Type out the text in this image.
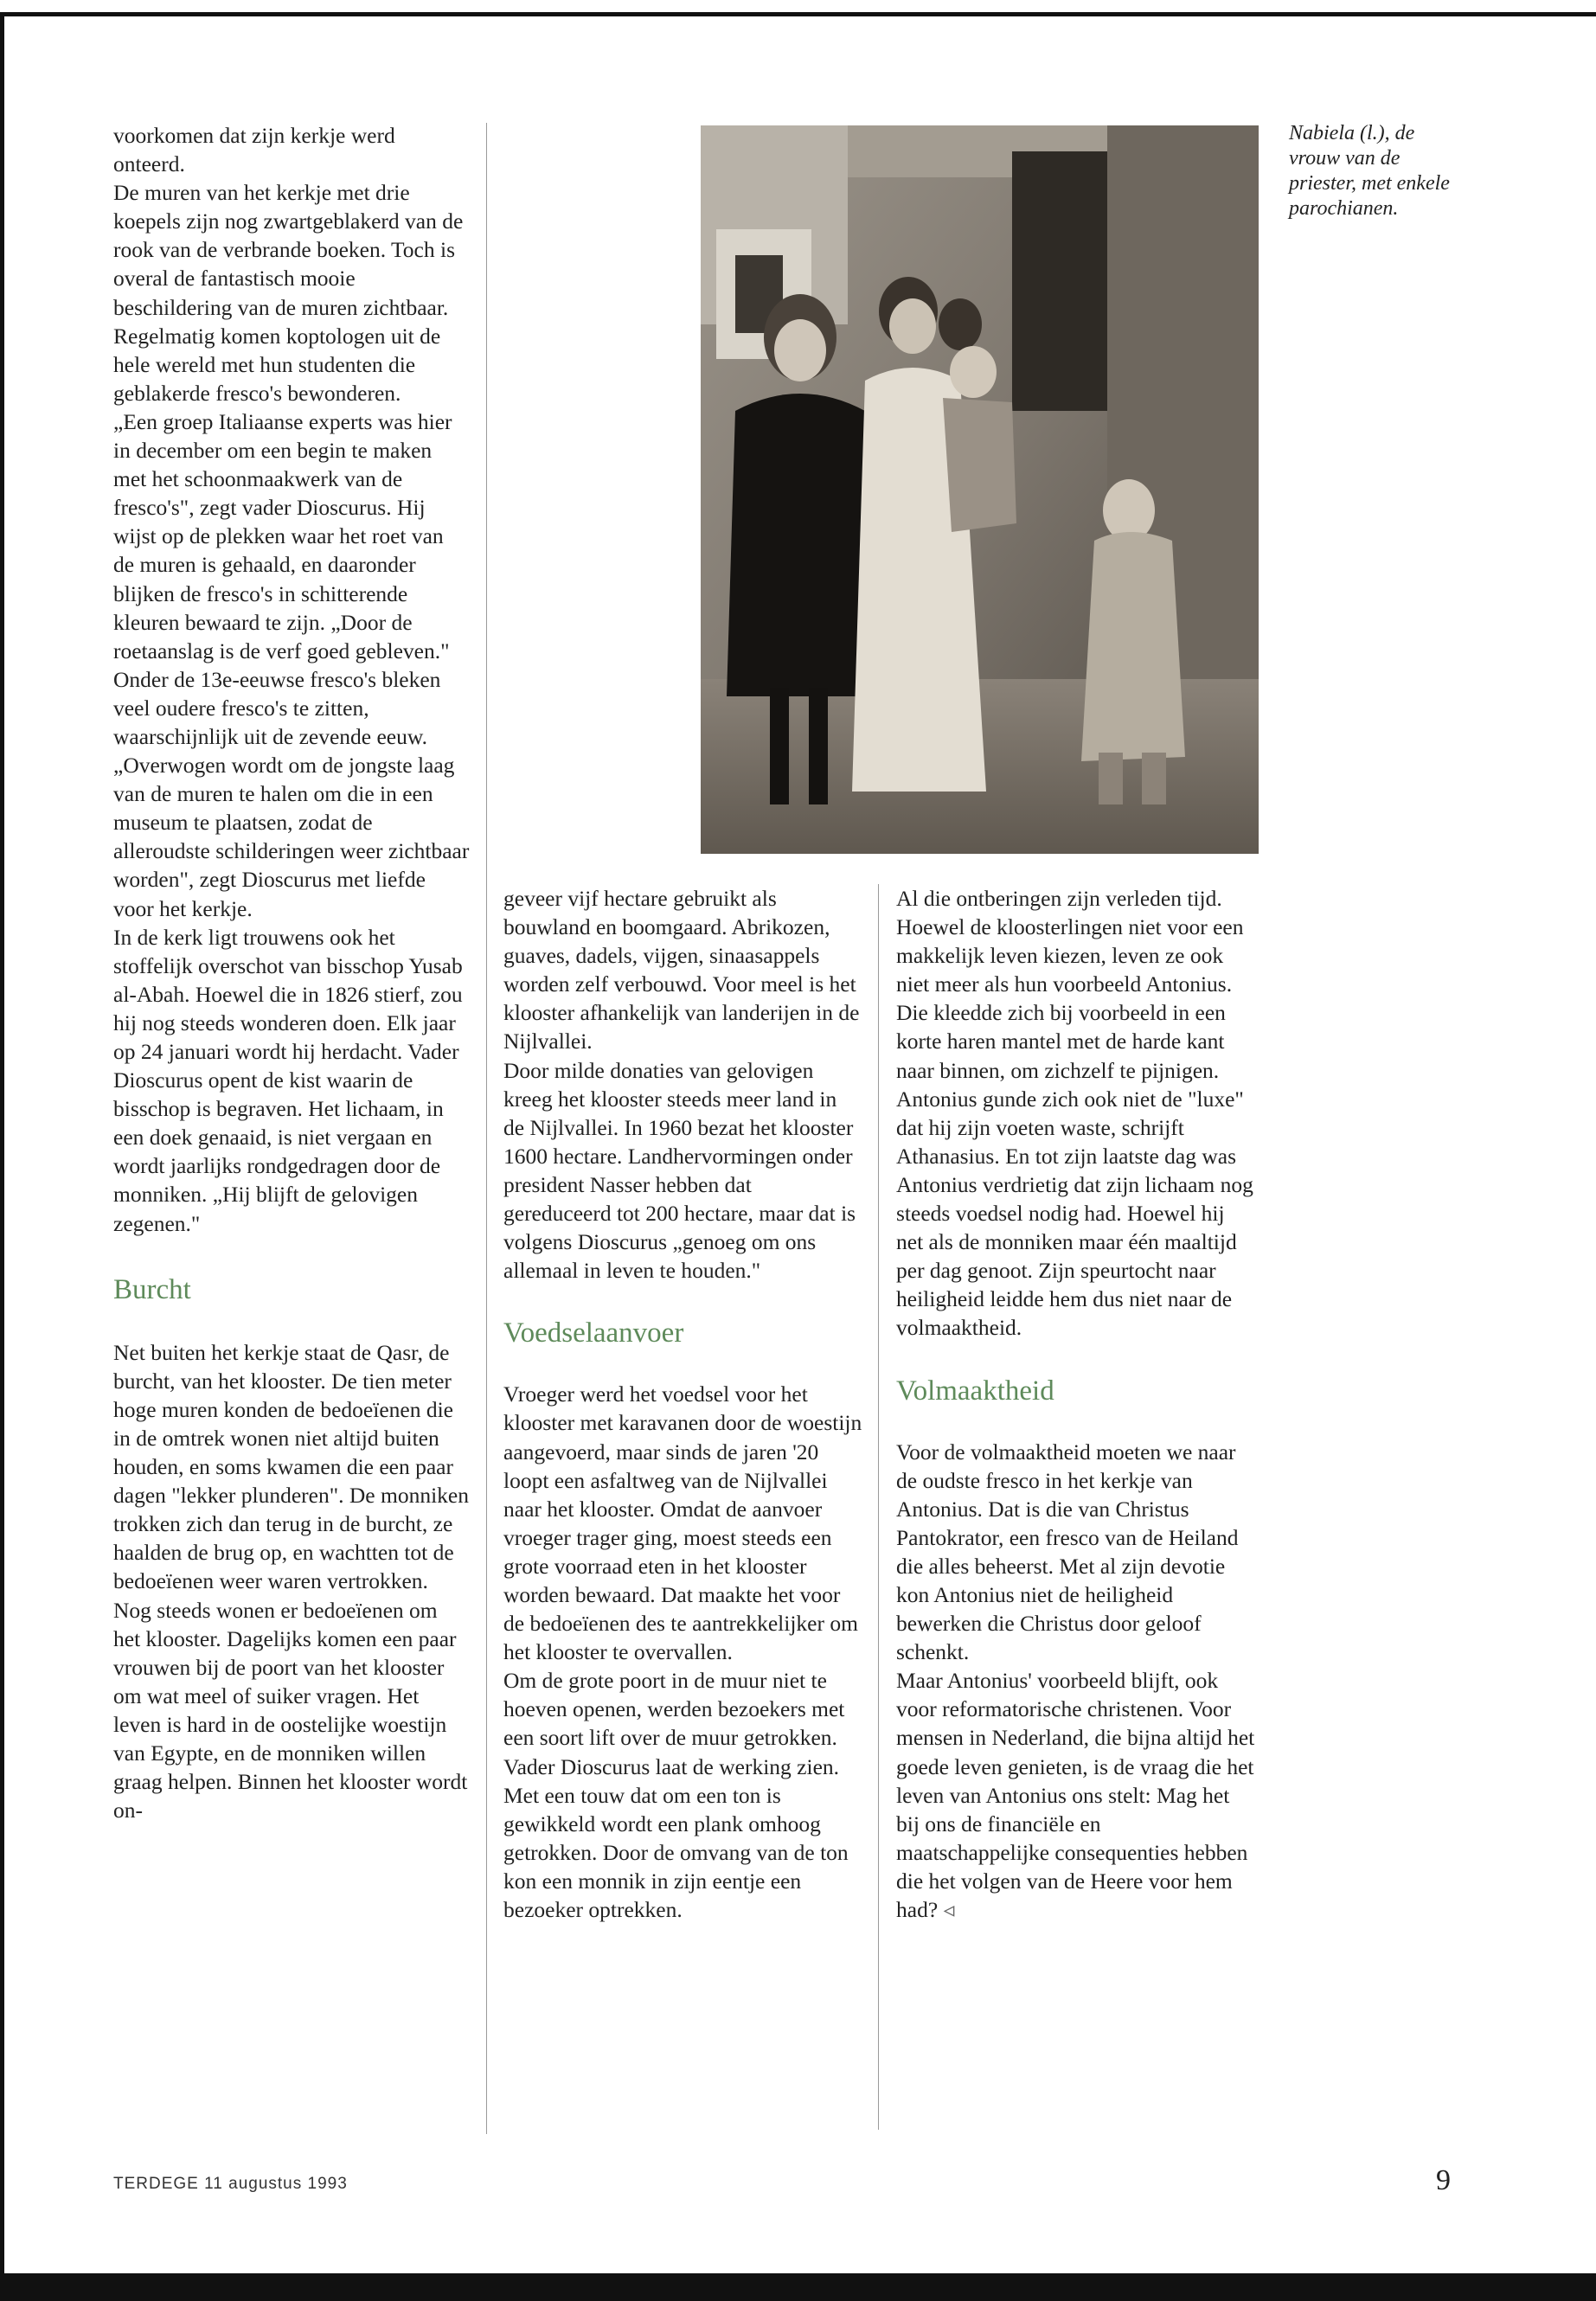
voorkomen dat zijn kerkje werd onteerd.

De muren van het kerkje met drie koepels zijn nog zwartgeblakerd van de rook van de verbrande boeken. Toch is overal de fantastisch mooie beschildering van de muren zichtbaar. Regelmatig komen koptologen uit de hele wereld met hun studenten die geblakerde fresco's bewonderen.

„Een groep Italiaanse experts was hier in december om een begin te maken met het schoonmaakwerk van de fresco's", zegt vader Dioscurus. Hij wijst op de plekken waar het roet van de muren is gehaald, en daaronder blijken de fresco's in schitterende kleuren bewaard te zijn. „Door de roetaanslag is de verf goed gebleven."

Onder de 13e-eeuwse fresco's bleken veel oudere fresco's te zitten, waarschijnlijk uit de zevende eeuw. „Overwogen wordt om de jongste laag van de muren te halen om die in een museum te plaatsen, zodat de alleroudste schilderingen weer zichtbaar worden", zegt Dioscurus met liefde voor het kerkje.

In de kerk ligt trouwens ook het stoffelijk overschot van bisschop Yusab al-Abah. Hoewel die in 1826 stierf, zou hij nog steeds wonderen doen. Elk jaar op 24 januari wordt hij herdacht. Vader Dioscurus opent de kist waarin de bisschop is begraven. Het lichaam, in een doek genaaid, is niet vergaan en wordt jaarlijks rondgedragen door de monniken. „Hij blijft de gelovigen zegenen."

Burcht

Net buiten het kerkje staat de Qasr, de burcht, van het klooster. De tien meter hoge muren konden de bedoeïenen die in de omtrek wonen niet altijd buiten houden, en soms kwamen die een paar dagen "lekker plunderen". De monniken trokken zich dan terug in de burcht, ze haalden de brug op, en wachtten tot de bedoeïenen weer waren vertrokken.

Nog steeds wonen er bedoeïenen om het klooster. Dagelijks komen een paar vrouwen bij de poort van het klooster om wat meel of suiker vragen. Het leven is hard in de oostelijke woestijn van Egypte, en de monniken willen graag helpen. Binnen het klooster wordt on-

Nabiela (l.), de vrouw van de priester, met enkele parochianen.

geveer vijf hectare gebruikt als bouwland en boomgaard. Abrikozen, guaves, dadels, vijgen, sinaasappels worden zelf verbouwd. Voor meel is het klooster afhankelijk van landerijen in de Nijlvallei.

Door milde donaties van gelovigen kreeg het klooster steeds meer land in de Nijlvallei. In 1960 bezat het klooster 1600 hectare. Landhervormingen onder president Nasser hebben dat gereduceerd tot 200 hectare, maar dat is volgens Dioscurus „genoeg om ons allemaal in leven te houden."

Voedselaanvoer

Vroeger werd het voedsel voor het klooster met karavanen door de woestijn aangevoerd, maar sinds de jaren '20 loopt een asfaltweg van de Nijlvallei naar het klooster. Omdat de aanvoer vroeger trager ging, moest steeds een grote voorraad eten in het klooster worden bewaard. Dat maakte het voor de bedoeïenen des te aantrekkelijker om het klooster te overvallen.

Om de grote poort in de muur niet te hoeven openen, werden bezoekers met een soort lift over de muur getrokken. Vader Dioscurus laat de werking zien. Met een touw dat om een ton is gewikkeld wordt een plank omhoog getrokken. Door de omvang van de ton kon een monnik in zijn eentje een bezoeker optrekken.

Al die ontberingen zijn verleden tijd. Hoewel de kloosterlingen niet voor een makkelijk leven kiezen, leven ze ook niet meer als hun voorbeeld Antonius. Die kleedde zich bij voorbeeld in een korte haren mantel met de harde kant naar binnen, om zichzelf te pijnigen.

Antonius gunde zich ook niet de "luxe" dat hij zijn voeten waste, schrijft Athanasius. En tot zijn laatste dag was Antonius verdrietig dat zijn lichaam nog steeds voedsel nodig had. Hoewel hij net als de monniken maar één maaltijd per dag genoot. Zijn speurtocht naar heiligheid leidde hem dus niet naar de volmaaktheid.

Volmaaktheid

Voor de volmaaktheid moeten we naar de oudste fresco in het kerkje van Antonius. Dat is die van Christus Pantokrator, een fresco van de Heiland die alles beheerst. Met al zijn devotie kon Antonius niet de heiligheid bewerken die Christus door geloof schenkt.

Maar Antonius' voorbeeld blijft, ook voor reformatorische christenen. Voor mensen in Nederland, die bijna altijd het goede leven genieten, is de vraag die het leven van Antonius ons stelt: Mag het bij ons de financiële en maatschappelijke consequenties hebben die het volgen van de Heere voor hem had? ◃

TERDEGE 11 augustus 1993	9
